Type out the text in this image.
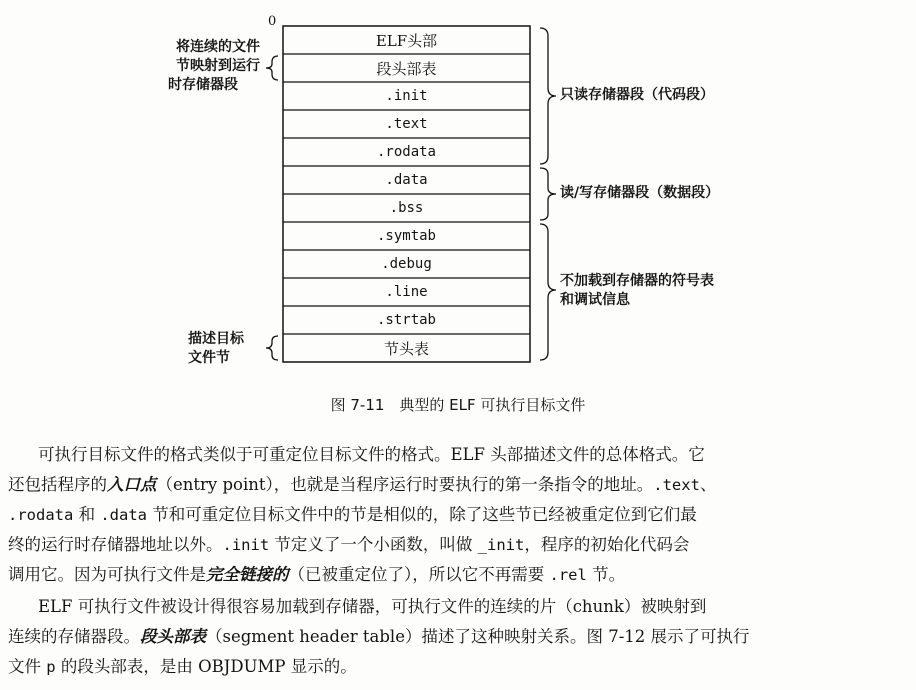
0
ELF头部
段头部表
.init
.text
.rodata
.data
.bss
.symtab
.debug
.line
.strtab
节头表
将连续的文件
节映射到运行
时存储器段
描述目标
文件节
只读存储器段（代码段）
读/写存储器段（数据段）
不加载到存储器的符号表
和调试信息
图 7-11　典型的 ELF 可执行目标文件
可执行目标文件的格式类似于可重定位目标文件的格式。ELF 头部描述文件的总体格式。它
还包括程序的入口点（entry point），也就是当程序运行时要执行的第一条指令的地址。.text、
.rodata 和 .data 节和可重定位目标文件中的节是相似的，除了这些节已经被重定位到它们最
终的运行时存储器地址以外。.init 节定义了一个小函数，叫做 _init，程序的初始化代码会
调用它。因为可执行文件是完全链接的（已被重定位了），所以它不再需要 .rel 节。
ELF 可执行文件被设计得很容易加载到存储器，可执行文件的连续的片（chunk）被映射到
连续的存储器段。段头部表（segment header table）描述了这种映射关系。图 7-12 展示了可执行
文件 p 的段头部表，是由 OBJDUMP 显示的。
